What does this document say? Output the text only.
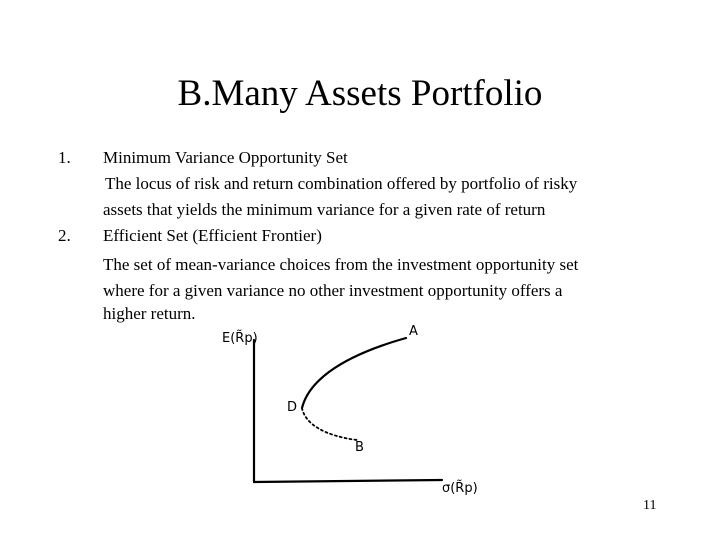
B.Many Assets Portfolio
1. Minimum Variance Opportunity Set
The locus of risk and return combination offered by portfolio of risky
assets that yields the minimum variance for a given rate of return
2. Efficient Set (Efficient Frontier)
The set of mean-variance choices from the investment opportunity set
where for a given variance no other investment opportunity offers a
higher return.
E(R̃p)
σ(R̃p)
A
D
B
11
